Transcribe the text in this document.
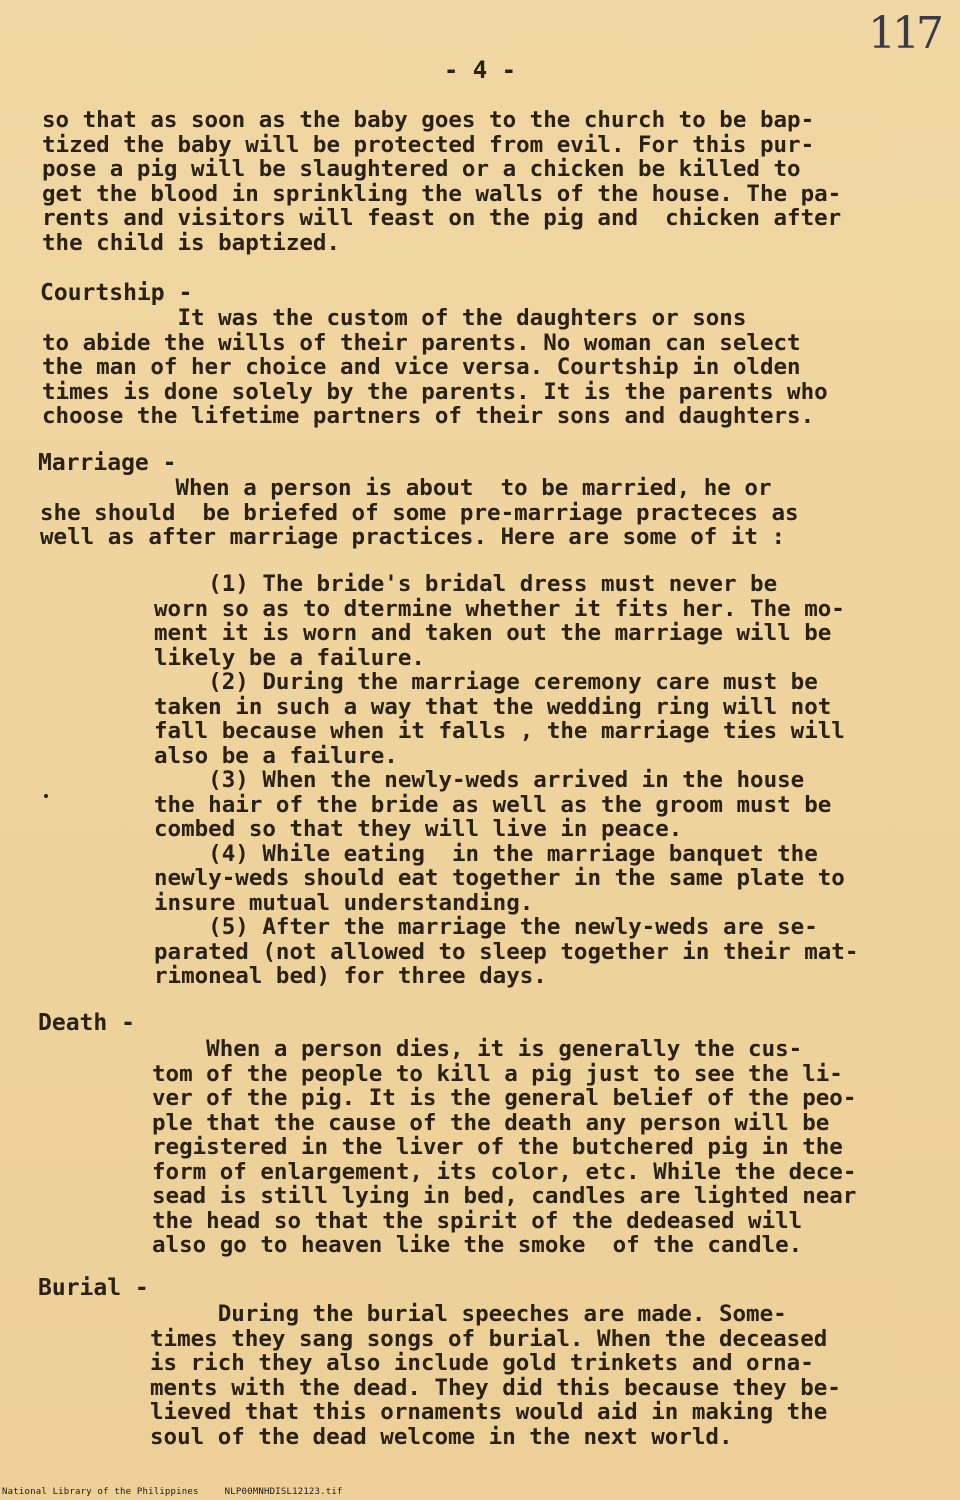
117
- 4 -
so that as soon as the baby goes to the church to be bap-
tized the baby will be protected from evil. For this pur-
pose a pig will be slaughtered or a chicken be killed to
get the blood in sprinkling the walls of the house. The pa-
rents and visitors will feast on the pig and  chicken after
the child is baptized.
Courtship -
It was the custom of the daughters or sons
to abide the wills of their parents. No woman can select
the man of her choice and vice versa. Courtship in olden
times is done solely by the parents. It is the parents who
choose the lifetime partners of their sons and daughters.
Marriage -
When a person is about  to be married, he or
she should  be briefed of some pre-marriage practeces as
well as after marriage practices. Here are some of it :
(1) The bride's bridal dress must never be
worn so as to dtermine whether it fits her. The mo-
ment it is worn and taken out the marriage will be
likely be a failure.
(2) During the marriage ceremony care must be
taken in such a way that the wedding ring will not
fall because when it falls , the marriage ties will
also be a failure.
(3) When the newly-weds arrived in the house
the hair of the bride as well as the groom must be
combed so that they will live in peace.
(4) While eating  in the marriage banquet the
newly-weds should eat together in the same plate to
insure mutual understanding.
(5) After the marriage the newly-weds are se-
parated (not allowed to sleep together in their mat-
rimoneal bed) for three days.
Death -
When a person dies, it is generally the cus-
tom of the people to kill a pig just to see the li-
ver of the pig. It is the general belief of the peo-
ple that the cause of the death any person will be
registered in the liver of the butchered pig in the
form of enlargement, its color, etc. While the dece-
sead is still lying in bed, candles are lighted near
the head so that the spirit of the dedeased will
also go to heaven like the smoke  of the candle.
Burial -
During the burial speeches are made. Some-
times they sang songs of burial. When the deceased
is rich they also include gold trinkets and orna-
ments with the dead. They did this because they be-
lieved that this ornaments would aid in making the
soul of the dead welcome in the next world.
National Library of the Philippines	NLP00MNHDISL12123.tif
